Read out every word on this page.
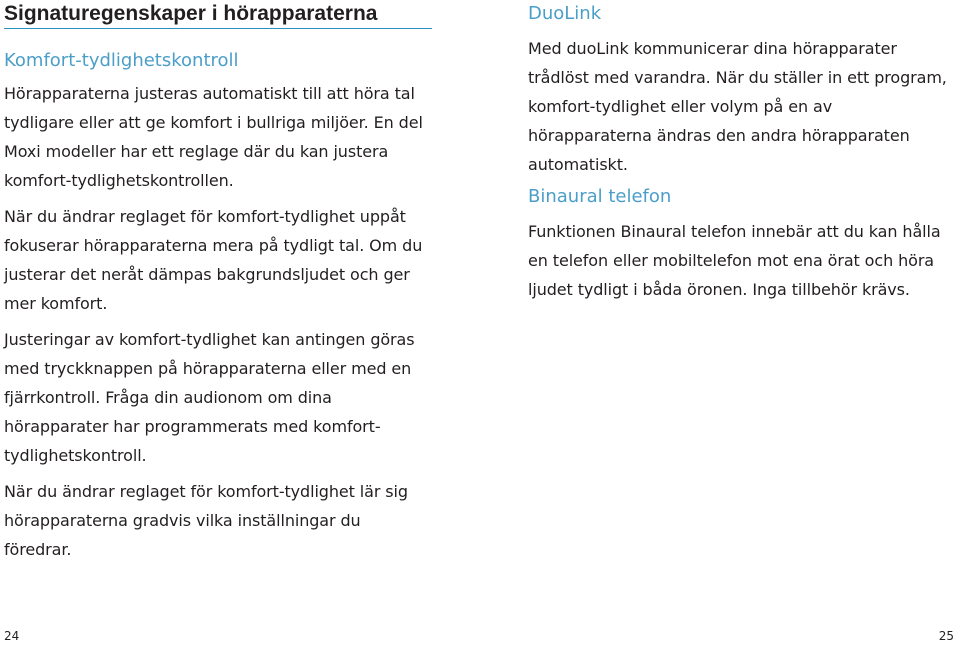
Signaturegenskaper i hörapparaterna
Komfort-tydlighetskontroll

Hörapparaterna justeras automatiskt till att höra tal tydligare eller att ge komfort i bullriga miljöer. En del Moxi modeller har ett reglage där du kan justera komfort-tydlighetskontrollen.

När du ändrar reglaget för komfort-tydlighet uppåt fokuserar hörapparaterna mera på tydligt tal. Om du justerar det neråt dämpas bakgrundsljudet och ger mer komfort.

Justeringar av komfort-tydlighet kan antingen göras med tryckknappen på hörapparaterna eller med en fjärrkontroll. Fråga din audionom om dina hörapparater har programmerats med komfort-tydlighetskontroll.

När du ändrar reglaget för komfort-tydlighet lär sig hörapparaterna gradvis vilka inställningar du föredrar.

DuoLink

Med duoLink kommunicerar dina hörapparater trådlöst med varandra. När du ställer in ett program, komfort-tydlighet eller volym på en av hörapparaterna ändras den andra hörapparaten automatiskt.

Binaural telefon

Funktionen Binaural telefon innebär att du kan hålla en telefon eller mobiltelefon mot ena örat och höra ljudet tydligt i båda öronen. Inga tillbehör krävs.

24	25
